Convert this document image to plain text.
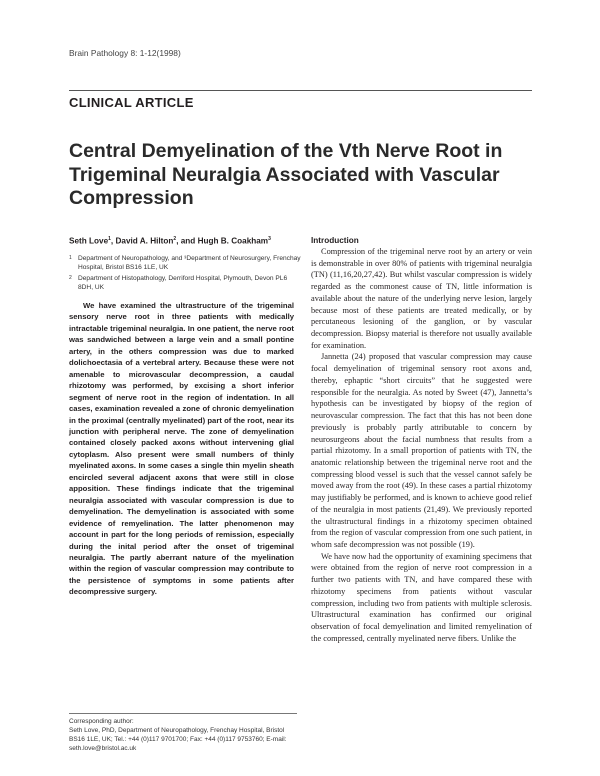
Brain Pathology 8: 1-12(1998)
CLINICAL ARTICLE
Central Demyelination of the Vth Nerve Root in
Trigeminal Neuralgia Associated with Vascular
Compression
Seth Love$^1$, David A. Hilton$^2$, and Hugh B. Coakham$^3$
1 Department of Neuropathology, and ³Department of Neurosurgery, Frenchay Hospital, Bristol BS16 1LE, UK
2 Department of Histopathology, Derriford Hospital, Plymouth, Devon PL6 8DH, UK
We have examined the ultrastructure of the trigeminal sensory nerve root in three patients with medically intractable trigeminal neuralgia. In one patient, the nerve root was sandwiched between a large vein and a small pontine artery, in the others compression was due to marked dolichoectasia of a vertebral artery. Because these were not amenable to microvascular decompression, a caudal rhizotomy was performed, by excising a short inferior segment of nerve root in the region of indentation. In all cases, examination revealed a zone of chronic demyelination in the proximal (centrally myelinated) part of the root, near its junction with peripheral nerve. The zone of demyelination contained closely packed axons without intervening glial cytoplasm. Also present were small numbers of thinly myelinated axons. In some cases a single thin myelin sheath encircled several adjacent axons that were still in close apposition. These findings indicate that the trigeminal neuralgia associated with vascular compression is due to demyelination. The demyelination is associated with some evidence of remyelination. The latter phenomenon may account in part for the long periods of remission, especially during the inital period after the onset of trigeminal neuralgia. The partly aberrant nature of the myelination within the region of vascular compression may contribute to the persistence of symptoms in some patients after decompressive surgery.
Corresponding author:
Seth Love, PhD, Department of Neuropathology, Frenchay Hospital, Bristol BS16 1LE, UK; Tel.: +44 (0)117 9701700; Fax: +44 (0)117 9753760; E-mail: seth.love@bristol.ac.uk
Introduction

Compression of the trigeminal nerve root by an artery or vein is demonstrable in over 80% of patients with trigeminal neuralgia (TN) (11,16,20,27,42). But whilst vascular compression is widely regarded as the commonest cause of TN, little information is available about the nature of the underlying nerve lesion, largely because most of these patients are treated medically, or by percutaneous lesioning of the ganglion, or by vascular decompression. Biopsy material is therefore not usually available for examination.

Jannetta (24) proposed that vascular compression may cause focal demyelination of trigeminal sensory root axons and, thereby, ephaptic “short circuits” that he suggested were responsible for the neuralgia. As noted by Sweet (47), Jannetta’s hypothesis can be investigated by biopsy of the region of neurovascular compression. The fact that this has not been done previously is probably partly attributable to concern by neurosurgeons about the facial numbness that results from a partial rhizotomy. In a small proportion of patients with TN, the anatomic relationship between the trigeminal nerve root and the compressing blood vessel is such that the vessel cannot safely be moved away from the root (49). In these cases a partial rhizotomy may justifiably be performed, and is known to achieve good relief of the neuralgia in most patients (21,49). We previously reported the ultrastructural findings in a rhizotomy specimen obtained from the region of vascular compression from one such patient, in whom safe decompression was not possible (19).

We have now had the opportunity of examining specimens that were obtained from the region of nerve root compression in a further two patients with TN, and have compared these with rhizotomy specimens from patients without vascular compression, including two from patients with multiple sclerosis. Ultrastructural examination has confirmed our original observation of focal demyelination and limited remyelination of the compressed, centrally myelinated nerve fibers. Unlike the
